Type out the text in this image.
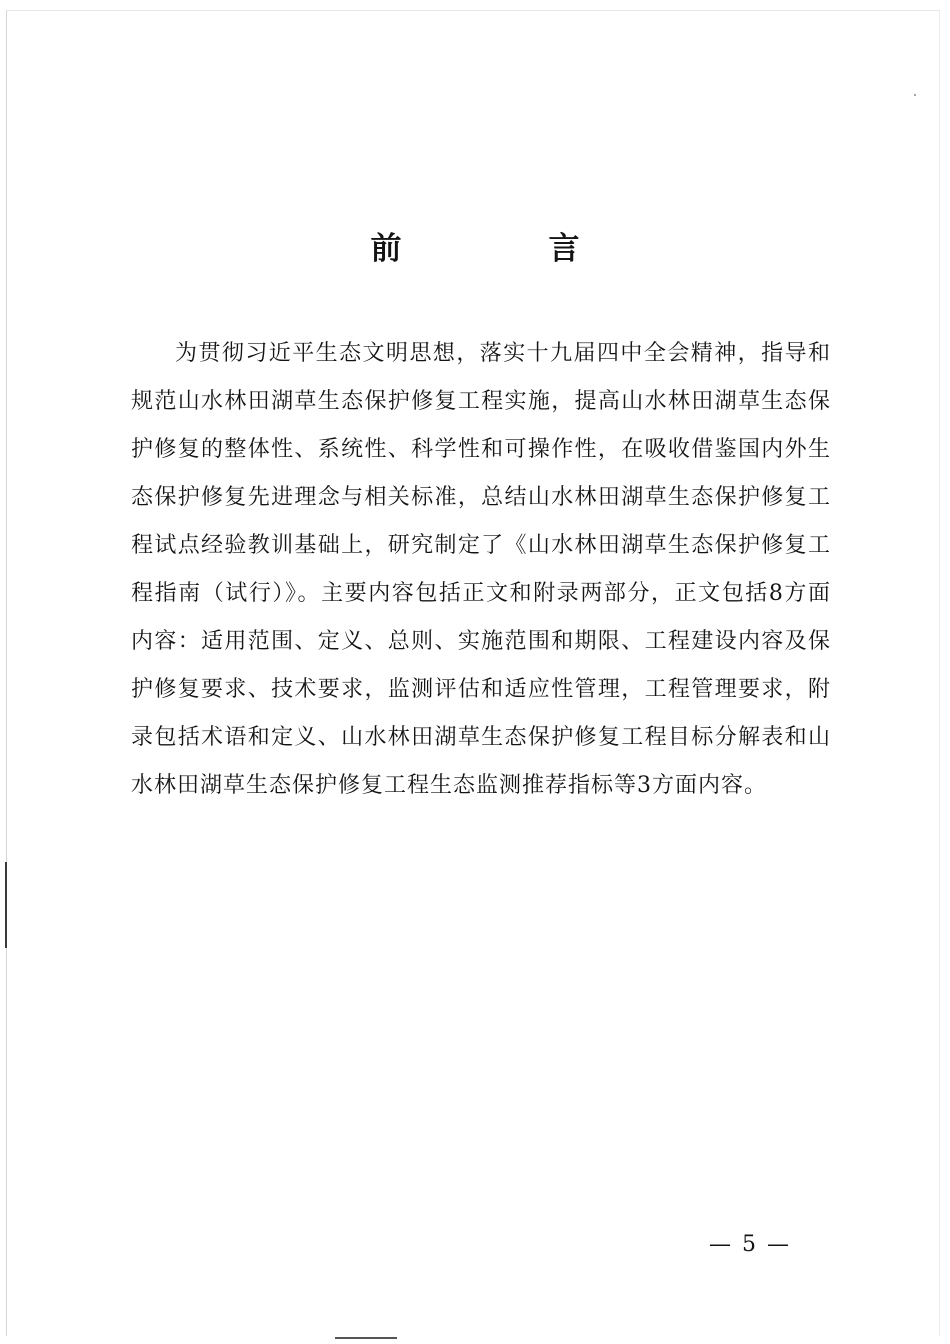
前　言

为贯彻习近平生态文明思想，落实十九届四中全会精神，指导和规范山水林田湖草生态保护修复工程实施，提高山水林田湖草生态保护修复的整体性、系统性、科学性和可操作性，在吸收借鉴国内外生态保护修复先进理念与相关标准，总结山水林田湖草生态保护修复工程试点经验教训基础上，研究制定了《山水林田湖草生态保护修复工程指南（试行）》。主要内容包括正文和附录两部分，正文包括8方面内容：适用范围、定义、总则、实施范围和期限、工程建设内容及保护修复要求、技术要求，监测评估和适应性管理，工程管理要求，附录包括术语和定义、山水林田湖草生态保护修复工程目标分解表和山水林田湖草生态保护修复工程生态监测推荐指标等3方面内容。

— 5 —
